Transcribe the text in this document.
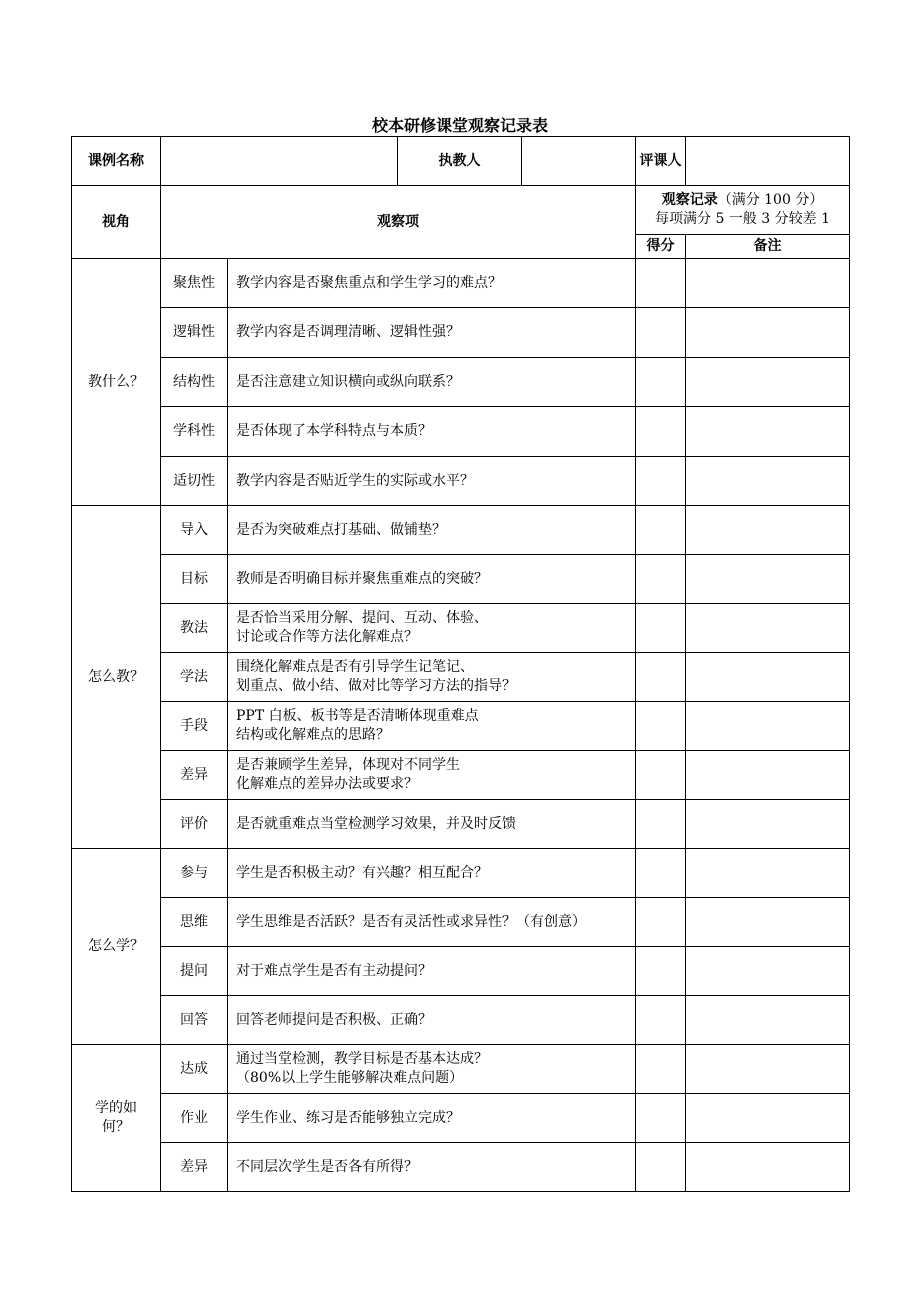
校本研修课堂观察记录表
课例名称			执教人		评课人	
视角	观察项				观察记录（满分 100 分）
每项满分 5 一般 3 分较差 1	
					得分	备注
教什么？	聚焦性	教学内容是否聚焦重点和学生学习的难点？				
	逻辑性	教学内容是否调理清晰、逻辑性强？				
	结构性	是否注意建立知识横向或纵向联系？				
	学科性	是否体现了本学科特点与本质？				
	适切性	教学内容是否贴近学生的实际或水平？				
怎么教？	导入	是否为突破难点打基础、做铺垫？				
	目标	教师是否明确目标并聚焦重难点的突破？				
	教法	是否恰当采用分解、提问、互动、体验、
讨论或合作等方法化解难点？				
	学法	围绕化解难点是否有引导学生记笔记、
划重点、做小结、做对比等学习方法的指导？				
	手段	PPT 白板、板书等是否清晰体现重难点
结构或化解难点的思路？				
	差异	是否兼顾学生差异，体现对不同学生
化解难点的差异办法或要求？				
	评价	是否就重难点当堂检测学习效果，并及时反馈				
怎么学？	参与	学生是否积极主动？有兴趣？相互配合？				
	思维	学生思维是否活跃？是否有灵活性或求异性？（有创意）				
	提问	对于难点学生是否有主动提问？				
	回答	回答老师提问是否积极、正确？				
学的如
何？	达成	通过当堂检测，教学目标是否基本达成？
（80%以上学生能够解决难点问题）				
	作业	学生作业、练习是否能够独立完成？				
	差异	不同层次学生是否各有所得？				
